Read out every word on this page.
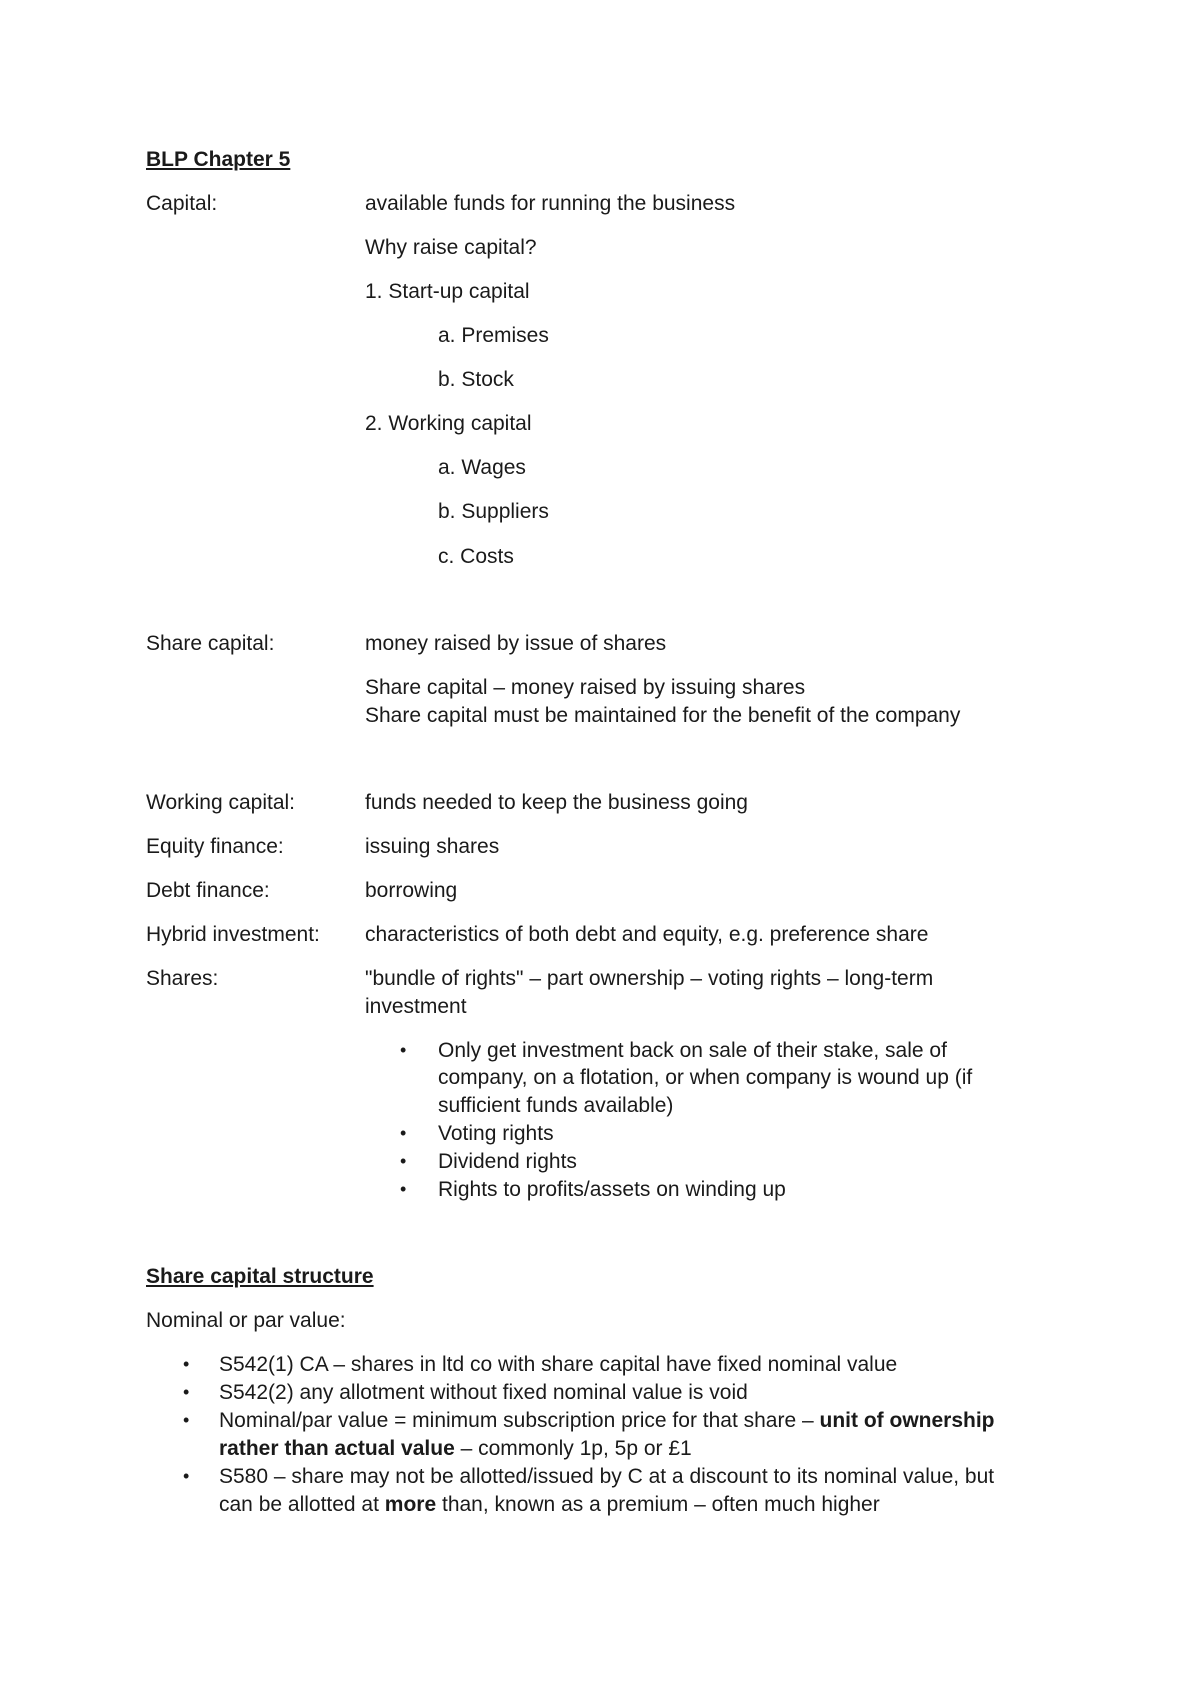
BLP Chapter 5
Capital:	available funds for running the business
Why raise capital?
1. Start-up capital
a. Premises
b. Stock
2. Working capital
a. Wages
b. Suppliers
c. Costs
Share capital:	money raised by issue of shares
Share capital – money raised by issuing shares
Share capital must be maintained for the benefit of the company
Working capital:	funds needed to keep the business going
Equity finance:	issuing shares
Debt finance:	borrowing
Hybrid investment: characteristics of both debt and equity, e.g. preference share
Shares:	"bundle of rights" – part ownership – voting rights – long-term
investment
• Only get investment back on sale of their stake, sale of
company, on a flotation, or when company is wound up (if
sufficient funds available)
• Voting rights
• Dividend rights
• Rights to profits/assets on winding up
Share capital structure
Nominal or par value:
• S542(1) CA – shares in ltd co with share capital have fixed nominal value
• S542(2) any allotment without fixed nominal value is void
• Nominal/par value = minimum subscription price for that share – unit of ownership
rather than actual value – commonly 1p, 5p or £1
• S580 – share may not be allotted/issued by C at a discount to its nominal value, but
can be allotted at more than, known as a premium – often much higher
